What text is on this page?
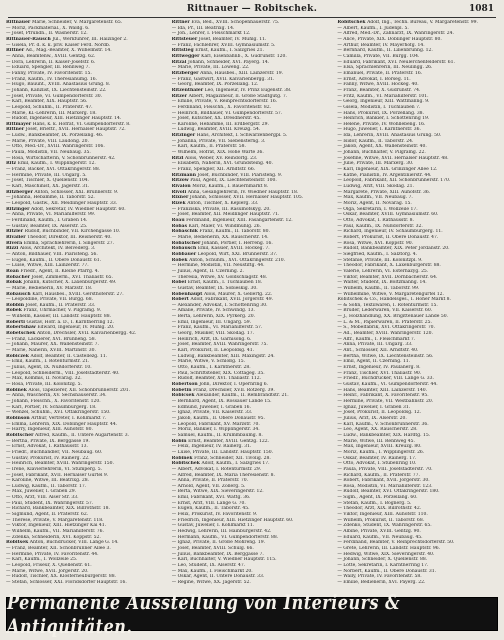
Rittnauer — Robitschek.	1081
Rittnauer Marie, Schneider, V. Margaretenstr. 65.
— Moriz, Packmaterial., X. Waldg. 6.
— Josef, Pfründn., II. Wasnerstr. 12.
Rittnauer-Rausch Jul., Werkführer, III. Haizinger 2.
— Gisela, Pr. d. k. k. priv. Kaiser Ferd. Nordb.
Rittner Ad., Mag.-Beamter, X. Wilhelmstr. 14.
— Anna, Beamtenw., XVIII. Gentzg. 62.
— Dora, Lehrerin, II. Kaiser-Josefstr. 6.
— Eduard, Spengler, III. Rennweg 7.
— Fanny, Private, IV. Favoritenstr. 15.
— Franz, Kaufm., IV. Theresianumg. 16.
— Hugo, Bauunt., XVIII. Anastasius Grüng. 8.
— Johann, Kanzlist, IX. Liechtensteinstr. 22.
— Josef, Private, VI. Gumpendorferstr. 30.
— Karl, Beamter, XIX. Hauptstr. 56.
— Leopold, Schuhm., II. Praterstr. 47.
— Marie, Kl.-Lehrerin, III. Marxerg. 18.
— Rudolf, Ingenieur, XIII. Hietzinger Hauptstr. 14.
Rittmayer Hans, k. k. Hofrat, VI. Gumpendorferstr. 8.
Rittner Josef, Brieftr., XVII. Hernalser Hauptstr. 72.
— Ludw., Bankbeamter, IX. Porzellang. 46.
— Marie, Private, VIII. Laudong. 20.
— Otto, Med.-Dr., XVIII. Währingerstr. 106.
— Paula, Modistin, VII. Neubaug. 35.
— Rosa, Wirtschafterin, V. Schönbrunnerstr. 42.
Ritz Emil, Kaufm., I. Wipplingerstr. 12.
— Franz, Bäcker, XVI. Ottakringerstr. 88.
— Hermine, Private, III. Ungarg. 5.
— Josef, Tischler, X. Quellenstr. 104.
— Karl, Maschinist, XX. Jägerstr. 31.
Ritzberger Anton, Schlosser, XXI. Brünnerstr. 9.
— Johanna, Hebamme, II. Taborstr. 52.
— Leopold, Gastw., XII. Meidlinger Hauptstr. 33.
Ritzinger Adolf, Sekretär, IV. Wiedner Hauptstr. 60.
— Anna, Private, VI. Mariahilferstr. 99.
— Ferdinand, Kaufm., I. Graben 14.
— Gustav, Beamter, IX. Alserstr. 25.
Ritzler Rudolf, Buchbinder, VII. Kirchengasse 10.
Rivalier Theodor, Direktor, III. Reisnerstr. 40.
Rivera Emma, Sprachlehrerin, I. Singerstr. 27.
Rizzi Alois, Architekt, IV. Belvederg. 3.
— Anton, Bildhauer, VIII. Piaristeng. 56.
— Eugen, Kaufm., II. Obere Donaustr. 61.
— Luise, Witwe, XIII. Lainzerstr. 77.
Roan Friedr., Agent, II. Kleine Pfarrg. 4.
Robacher Josef, Zimmerm., XVI. Thaliastr. 65.
Robak Johann, Kutscher, X. Laxenburgerstr. 49.
— Marie, Bedienerin, XV. Märzstr. 18.
Robausch Karl, Hausbes., XVIII. Gersthoferstr. 27.
— Leopoldine, Private, VII. Burgg. 68.
Robbin Josef, Kaufm., II. Praterstr. 33.
Robek Franz, Uhrmacher, V. Pilgramg. 9.
— Wilhelm, Kassier, III. Landstr. Hauptstr. 88.
Roberti Gustav, Hofr. a. D., I. Kärntnerring 12.
Robertshaw Edward, Ingenieur, IV. Mühlg. 20.
Robetschek Anton, Drechsler, XVII. Kalvarienbergg. 42.
— Franz, Lackierer, XVI. Brunneng. 58.
— Johann, Maurer, XX. Wallensteinstr. 7.
— Marie, Näherin, XVIII. Martinstr. 30.
Robiczek Adolf, Beamter, II. Castellezg. 11.
— Emil, Kaufm., I. Rotenturmstr. 21.
— Julius, Agent, IX. Nußdorferstr. 10.
— Leopold, Schneiderm., VIII. Josefstädterstr. 40.
— Max, Kommis, II. Novarag. 32.
— Rosa, Private, III. Kolonitzg. 5.
Robinek Alois, Tapezierer, XII. Schönbrunnerstr. 201.
— Anna, Wäscherin, XV. Sechshauserstr. 34.
— Johann, Fleischh., X. Favoritenstr. 120.
— Karl, Portier, IV. Schaumburgerg. 18.
— Wenzel, Schuhm., XVI. Ottakringerstr. 150.
Robinson Arthur, Vertreter, I. Kohlmarkt 7.
— Emma, Lehrerin, XIX. Döblinger Hauptstr. 44.
— Harry, Ingenieur, XIII. Auhofstr. 80.
Robitscher Alfred, Kaufm., II. Untere Augartenstr. 3.
— Bertha, Private, IX. Berggasse 19.
— Ernst, Advokat, I. Rathausstr. 13.
— Friedr., Buchhändler, VII. Neubaug. 60.
— Gustav, Prokurist, IV. Rainerg. 22.
— Heinrich, Beamter, XVIII. Währingerstr. 150.
— Irene, Klavierlehrerin, VI. Stumperg. 5.
— Josef, Fabrikant, XVII. Hernalser Gürtel 9.
— Karoline, Witwe, III. Beatrixg. 28.
— Ludwig, Kaufm., II. Taborstr. 17.
— Max, Juwelier, I. Graben 29.
— Otto, Arzt, VIII. Alser Str. 33.
— Paul, Student, IX. Währingerstr. 57.
— Richard, Bankbeamter, XIX. Billrothstr. 18.
— Sigmund, Agent, II. Praterstr. 62.
— Therese, Private, V. Margaretenstr. 118.
— Viktor, Ingenieur, XIII. Hietzinger Kai 41.
— Wilhelm, Kaufm., VII. Mariahilferstr. 76.
— Zdenka, Schneiderin, XVI. Koppstr. 52.
Robitsek Anton, Buchdrucker, VIII. Lange G. 14.
— Franz, Beamter, XII. Schönbrunner Allee 3.
— Hermine, Private, IV. Favoritenstr. 44.
— Karl, Kaufm., I. Wollzeile 25.
— Leopold, Friseur, X. Quellenstr. 61.
— Marie, Witwe, XVII. Jörgerstr. 20.
— Rudolf, Tischler, XX. Klosterneuburgerstr. 88.
— Stefan, Schlosser, XXI. Floridsdorfer Hauptstr. 16.
Rittner Eva, Bed., XVIII. Schopenhauerstr. 75.
— Ida, Pr., III. Beatrixg. 14.
— Joh., Lehrer, I. Fleischmarkt 12.
Rittsteuer Josef, Beamter, IV. Mühlg. 11.
— Franz, Fachlehrer, XVIII. Gymnasiumstr. 5.
Rittstieg Ernst, Kaufm., I. Salzgries 21.
Rittwegger Karl, Eisenbahnb., X. Gudrunstr. 120.
Ritzal Johann, Schneider, XVI. Payerg. 14.
— Marie, Private, III. Löweng. 22.
Ritzberger Anna, Hausbes., XIII. Lainzerstr. 19.
— Franz, Gastwirt, XVII. Kalvarienbergg. 31.
— Georg, Beamter, IX. Porzellang. 12.
Ritzenthaler Leo, Ingenieur, IV. Prinz Eugenstr. 38.
Ritzer Albert, Magazineur, II. Große Stadtgutg. 7.
— Emilie, Private, V. Reinprechtsdorferstr. 16.
— Ferdinand, Fleischh., X. Favoritenstr. 82.
— Heinrich, Bildhauer, VI. Gumpendorferstr. 57.
— Josef, Kutscher, XX. Dresdnerstr. 45.
— Karoline, Hebamme, III. Erdbergstr. 29.
— Ludwig, Beamter, XVIII. Kreuzg. 54.
Ritzinger Hans, Architekt, I. Schwarzenbergpl. 5.
— Johanna, Private, VII. Siebensterng. 3.
— Karl, Kaufm., II. Praterstr. 58.
— Wilhelm, Hofrat, XIX. Hohe Warte 36.
Ritzl Alois, Weber, XV. Reindorfg. 23.
— Elisabeth, Näherin, XVI. Grundsteing. 40.
— Franz, Spengler, XII. Arndtstr. 66.
Ritzmann Josef, Buchbinder, VIII. Piaristeng. 9.
Ritzow Paul, Agent, IX. Liechtensteinstr. 100.
Rivalon Moriz, Kaufm., I. Bauernmarkt 8.
Rivoli Anna, Gesanglehrerin, IV. Wiedner Hauptstr. 18.
Rixner Johann, Schlosser, XVII. Hernalser Hauptstr. 105.
Rizek Anton, Tischler, X. Keplerg. 33.
— Franziska, Private, III. Rasumofskyg. 20.
— Josef, Beamter, XII. Meidlinger Hauptstr. 71.
Roau Ferdinand, Ingenieur, XIII. Fasangartenstr. 12.
Robas Karl, Maler, VI. Windmühlg. 26.
Robaschik Franz, Kaufm., II. Taborstr. 80.
— Marie, Bedienerin, XX. Rauscherstr. 14.
Robatscher Johann, Portier, I. Herreng. 16.
Robausch Emil, Kassier, XVIII. Hockeg. 7.
Robbauer Leopold, Wirt, XXI. Brünnerstr. 37.
Robek Anton, Schuhm., XVI. Ottakringerstr. 210.
— Hermine, Modistin, VII. Neustiftg. 44.
— Julius, Agent, II. Czerning. 2.
— Theresia, Witwe, XV. Goldschlagstr. 48.
Robel Ernst, Kaufm., I. Tuchlauben 18.
— Gustav, Beamter, IX. Sobieskig. 30.
Robenhaupt Alois, Maurer, X. Gellertg. 22.
Robert Adolf, Fabrikant, XVII. Jörgerstr. 49.
— Alexander, Advokat, I. Schottenring 30.
— Amalie, Private, IV. Schwindg. 13.
— Berta, Lehrerin, XIX. Pyrkerg. 20.
— Emil, Ingenieur, III. Ungarg. 59.
— Franz, Kaufm., VI. Mariahilferstr. 57.
— Georg, Musiker, VIII. Skodag. 17.
— Heinrich, Arzt, IX. Garnisong. 6.
— Josef, Beamter, XVIII. Währingerstr. 75.
— Karl, Prokurist, II. Leopoldsg. 41.
— Ludwig, Bankbeamter, XIII. Maxingstr. 24.
— Marie, Witwe, V. Schloßg. 15.
— Otto, Kaufm., I. Kärntnerstr. 28.
— Paul, Schriftsteller, XIX. Cottageg. 35.
— Rudolf, Beamter, XVI. Thaliastr. 112.
Robertson John, Direktor, I. Opernring 6.
Robetin Franz, Drechsler, XVII. Rötzerg. 39.
Robicsek Alexander, Kaufm., II. Rembrandtstr. 21.
— Bernhard, Agent, IX. Rossauer Lände 15.
— Edmund, Juwelier, I. Graben 16.
— Ignaz, Private, VII. Kaiserstr. 33.
— Jakob, Kaufm., II. Obere Donaustr. 95.
— Leopold, Fabrikant, XV. Märzstr. 70.
— Moriz, Bankier, I. Wipplingerstr. 34.
— Samuel, Kaufm., II. Krummbaumg. 8.
Robin Ernst, Beamter, XVIII. Gentzg. 122.
— Felix, Ingenieur, IV. Rainerg. 31.
— Luise, Private, III. Landstr. Hauptstr. 150.
Robinek Franz, Schneider, XII. Tivolig. 28.
Robitschek Adolf, Kaufm., I. Salzgries 17.
— Albert, Advokat, I. Rotenturmstr. 29.
— Alfred, Beamter, IX. Maria Theresienstr. 8.
— Anna, Private, II. Praterstr. 70.
— Arnold, Agent, VII. Zollerg. 5.
— Berta, Witwe, XIX. Sieveringerstr. 12.
— Emil, Fabrikant, XVI. Wattg. 36.
— Ernst, Arzt, VIII. Lange G. 70.
— Eugen, Kaufm., II. Taborstr. 45.
— Felix, Prokurist, IV. Favoritenstr. 9.
— Friedrich, Ingenieur, XIII. Hietzinger Hauptstr. 60.
— Gustav, Juwelier, I. Kohlmarkt 11.
— Hedwig, Lehrerin, III. Hainburgerstr. 42.
— Hermann, Kaufm., VI. Gumpendorferstr. 88.
— Ignaz, Private, II. Große Mohreng. 19.
— Josef, Beamter, XVIII. Schulg. 66.
— Julius, Bankbeamter, IX. Berggasse 7.
— Karl, Buchhalter, V. Wiedner Hauptstr. 115.
— Leo, Student, IX. Alserstr. 47.
— Max, Kaufm., I. Fleischmarkt 20.
— Oskar, Agent, II. Untere Donaustr. 33.
— Regine, Witwe, XX. Jägerstr. 52.
Robitschek Adolf, Ing., Techn. Bureau, V. Margaretenstr. 99.
— Albert, Kaufm., I. Judenpl. 5.
— Alfred, Med.-Dr., Zahnarzt, IX. Währingerstr. 24.
— Alice, Private, XIX. Döblinger Hauptstr. 80.
— Arthur, Beamter, IV. Mayerhofg. 14.
— Bernhard, Kaufm., II. Lilienbrunng. 12.
— Camilla, Private, VII. Burgg. 104.
— Eduard, Fabrikant, XVI. Neulerchenfelderstr. 61.
— Elsa, Sprachlehrerin, III. Neulingg. 26.
— Emanuel, Private, II. Praterstr. 16.
— Ernst, Advokat, I. Börseg. 11.
— Fanny, Witwe, XVIII. Hockeg. 40.
— Franz, Beamter, X. Gudrunstr. 74.
— Fritz, Kaufm., VI. Mariahilferstr. 101.
— Georg, Ingenieur, XIII. Wattmanng. 9.
— Gisela, Modistin, I. Tuchlauben 7.
— Hans, Prokurist, IX. Porzellang. 38.
— Heinrich, Bankier, I. Schottenring 19.
— Helene, Private, IV. Wohllebeng. 16.
— Hugo, Juwelier, I. Kärntnerstr. 36.
— Ida, Lehrerin, XVIII. Anastasius Grüng. 50.
— Isidor, Kaufm., II. Taborstr. 24.
— Jakob, Agent, XX. Wallensteinstr. 40.
— Johann, Buchhalter, V. Pilgramg. 22.
— Josefine, Witwe, XVII. Hernalser Hauptstr. 48.
— Julie, Private, III. Marxerg. 30.
— Karl, Ingenieur, XIX. Grinzinger Allee 12.
— Käthe, Pianistin, IV. Argentinierstr. 44.
— Leopold, Fabrikant, XII. Schönbrunnerstr. 170.
— Ludwig, Arzt, VIII. Skodag. 21.
— Margarete, Private, XIII. Auhofstr. 36.
— Max, Kaufm., VII. Neubaug. 7.
— Moriz, Agent, II. Novarag. 15.
— Olga, Sekretärin, I. Wollzeile 17.
— Oskar, Beamter, XVIII. Gymnasiumstr. 60.
— Otto, Advokat, I. Rathausstr. 8.
— Paul, Kaufm., IX. Nußdorferstr. 32.
— Richard, Ingenieur, IV. Schaumburgerg. 11.
— Robert, Prokurist, II. Obere Donaustr. 47.
— Rosa, Witwe, XVI. Koppstr. 90.
— Rudolf, Bankbeamter, XIX. Peter Jordanstr. 20.
— Siegfried, Kaufm., I. Salztorg. 4.
— Stefanie, Private, III. Kolonitzpl. 9.
— Theodor, Fabrikant, X. Laxenburgerstr. 88.
— Valerie, Lehrerin, VI. Esterhazyg. 25.
— Viktor, Beamter, XVII. Dornbacherstr. 64.
— Walter, Student, IX. Boltzmanng. 14.
— Wilhelm, Kaufm., II. Taborstr. 99.
— Wilhelmine, Witwe, V. Margaretengürtel 12.
Robitschek & Co., Handelsges., I. Hoher Markt 8.
— & Sohn, Textilwaren, I. Rotenturmstr. 15.
— Brüder, Lederwaren, VII. Kaiserstr. 60.
— J., Holzhandlung, XX. Brigittenauer Lände 50.
— L. & M., Papierwaren, II. Praterstr. 25.
— S., Möbelfabrik, XVI. Ottakringerstr. 70.
— Ad., Beamter, XVIII. Währingerstr. 120.
— Alfr., Kaufm., I. Fleischmarkt 7.
— Anna, Private, III. Ungarg. 33.
— Ant., Schlosser, XII. Arndtstr. 40.
— Bertha, Witwe, IX. Liechtensteinstr. 56.
— Emil, Agent, II. Czerning. 11.
— Ernst, Ingenieur, IV. Paulanerg. 8.
— Franz, Tischler, XVI. Thaliastr. 90.
— Friedr., Buchdrucker, VIII. Lange G. 33.
— Gustav, Kaufm., VI. Gumpendorferstr. 44.
— Hans, Beamter, XIII. Lainzerstr. 140.
— Heinr., Fabrikant, X. Favoritenstr. 95.
— Hermine, Private, VII. Westbahnstr. 20.
— Ignaz, Juwelier, I. Graben 31.
— Josef, Prokurist, II. Leopoldsg. 12.
— Julius, Arzt, IX. Alserstr. 20.
— Karl, Kaufm., V. Schönbrunnerstr. 36.
— Leo, Agent, XX. Rauscherstr. 28.
— Ludw., Bankbeamter, XIX. Hardtg. 15.
— Marie, Witwe, III. Rennweg 45.
— Max, Ingenieur, XVIII. Kreuzg. 80.
— Moriz, Kaufm., I. Wipplingerstr. 26.
— Oskar, Beamter, IV. Rainerg. 17.
— Otto, Advokat, I. Stubenring 10.
— Paula, Private, VIII. Josefstädterstr. 70.
— Richard, Kaufm., II. Praterstr. 77.
— Robert, Fabrikant, XVII. Jörgerstr. 30.
— Rosa, Modistin, VI. Mariahilferstr. 123.
— Rudolf, Beamter, XVI. Ottakringerstr. 180.
— Sigm., Agent, IX. Porzellang. 60.
— Stefan, Kaufm., I. Bognerg. 5.
— Theodor, Arzt, XIX. Billrothstr. 42.
— Viktor, Ingenieur, XIII. Auhofstr. 110.
— Wilhelm, Prokurist, II. Taborstr. 68.
— Zdenko, Student, IX. Währingerstr. 65.
— Albine, Private, XVIII. Gentzg. 90.
— Eduard, Kaufm., VII. Neubaug. 45.
— Ferdinand, Beamter, V. Reinprechtsdorferstr. 50.
— Grete, Lehrerin, III. Landstr. Hauptstr. 96.
— Hedwig, Witwe, XIX. Sieveringerstr. 40.
— Johann, Schneider, X. Quellenstr. 88.
— Lotte, Sekretärin, I. Kärntnerring 17.
— Norbert, Kaufm., II. Obere Donaustr. 31.
— Wally, Private, IV. Favoritenstr. 58.
— Emilie, Bedienerin, XVI. Payerg. 22.
Permanente Ausstellung von Interieurs & Antiquitäten.
